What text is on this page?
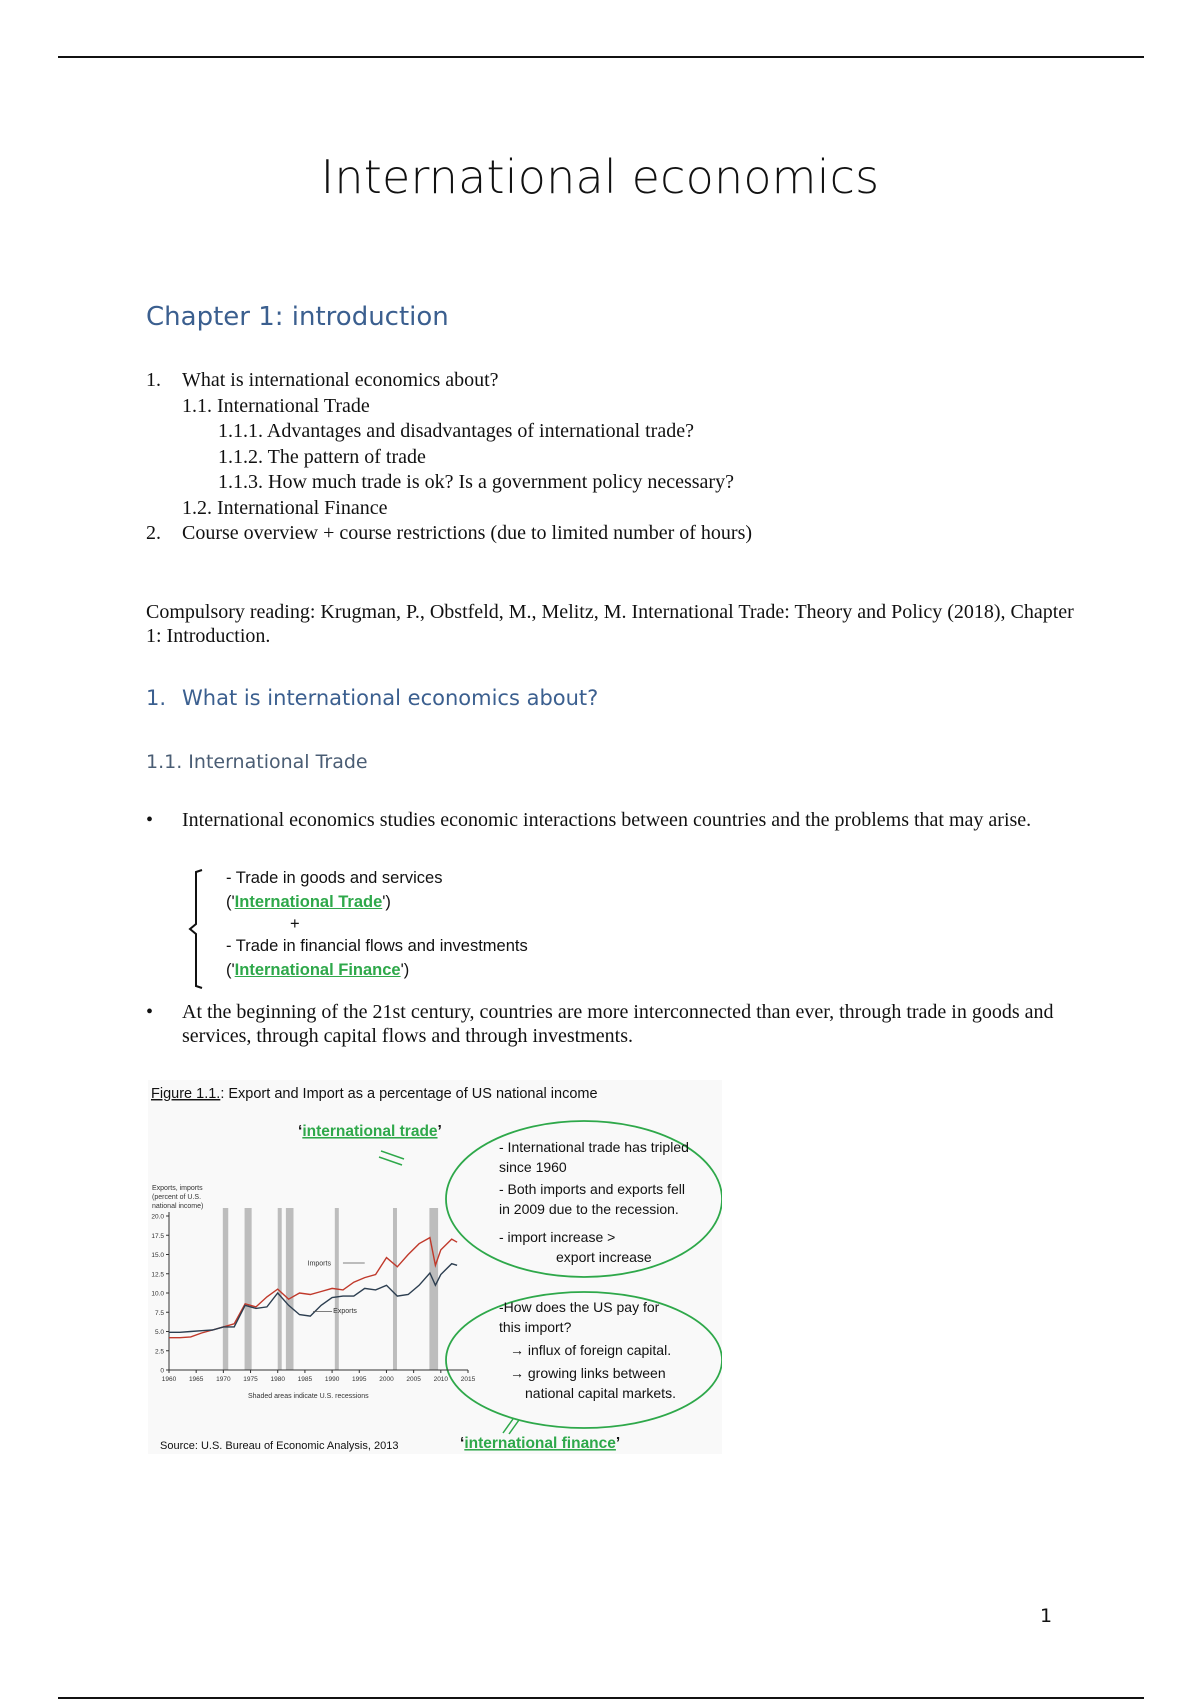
International economics
Chapter 1: introduction
1. What is international economics about?
1.1. International Trade
1.1.1. Advantages and disadvantages of international trade?
1.1.2. The pattern of trade
1.1.3. How much trade is ok? Is a government policy necessary?
1.2. International Finance
2. Course overview + course restrictions (due to limited number of hours)
Compulsory reading: Krugman, P., Obstfeld, M., Melitz, M. International Trade: Theory and Policy (2018), Chapter 1: Introduction.
1. What is international economics about?
1.1. International Trade
• International economics studies economic interactions between countries and the problems that may arise.
- Trade in goods and services
('International Trade')
+
- Trade in financial flows and investments
('International Finance')
• At the beginning of the 21st century, countries are more interconnected than ever, through trade in goods and services, through capital flows and through investments.
Figure 1.1.: Export and Import as a percentage of US national income
‘international trade’
- International trade has tripled
since 1960
- Both imports and exports fell
in 2009 due to the recession.
- import increase >
export increase
-How does the US pay for
this import?
→ influx of foreign capital.
→ growing links between
national capital markets.
‘international finance’
Source: U.S. Bureau of Economic Analysis, 2013
Exports, imports
(percent of U.S.
national income)
Shaded areas indicate U.S. recessions
0
2.5
5.0
7.5
10.0
12.5
15.0
17.5
20.0
1960 1965 1970 1975 1980 1985 1990 1995 2000 2005 2010 2015
Imports
Exports
1
